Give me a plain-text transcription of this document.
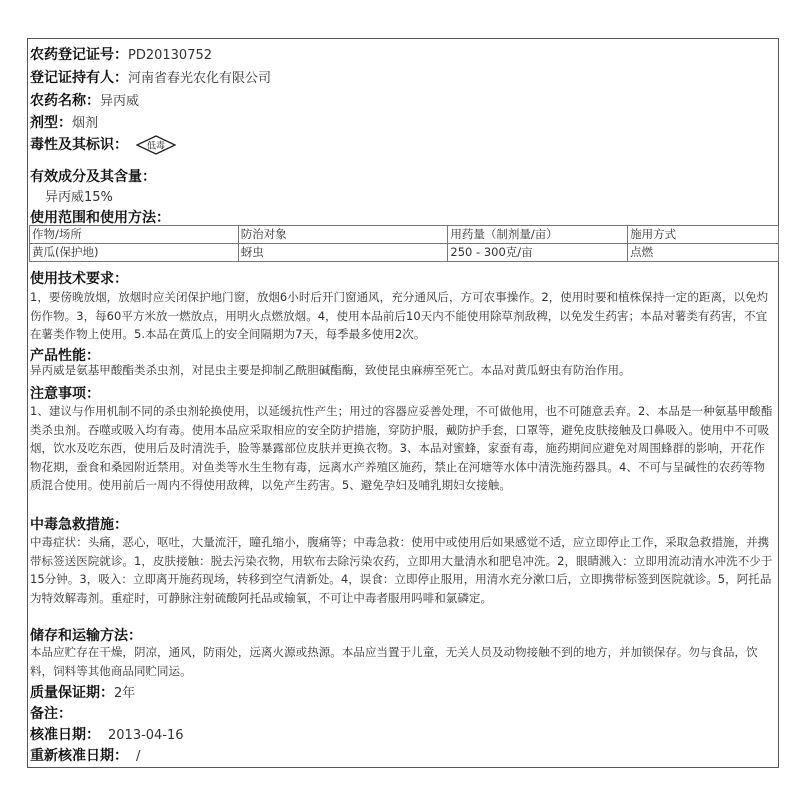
农药登记证号：PD20130752
登记证持有人：河南省春光农化有限公司
农药名称：异丙威
剂型：烟剂
毒性及其标识： 低毒
有效成分及其含量：
异丙威15%
使用范围和使用方法：
作物/场所	防治对象	用药量（制剂量/亩）	施用方式
黄瓜(保护地)	蚜虫	250 - 300克/亩	点燃
使用技术要求：

1，要傍晚放烟，放烟时应关闭保护地门窗，放烟6小时后开门窗通风，充分通风后，方可农事操作。2，使用时要和植株保持一定的距离，以免灼伤作物。3，每60平方米放一燃放点，用明火点燃放烟。4，使用本品前后10天内不能使用除草剂敌稗，以免发生药害；本品对薯类有药害，不宜在薯类作物上使用。5.本品在黄瓜上的安全间隔期为7天，每季最多使用2次。

产品性能：

异丙威是氨基甲酸酯类杀虫剂，对昆虫主要是抑制乙酰胆碱酯酶，致使昆虫麻痹至死亡。本品对黄瓜蚜虫有防治作用。

注意事项：

1、建议与作用机制不同的杀虫剂轮换使用，以延缓抗性产生；用过的容器应妥善处理，不可做他用，也不可随意丢弃。2、本品是一种氨基甲酸酯类杀虫剂。吞噬或吸入均有毒。使用本品应采取相应的安全防护措施，穿防护服，戴防护手套，口罩等，避免皮肤接触及口鼻吸入。使用中不可吸烟，饮水及吃东西，使用后及时清洗手，脸等暴露部位皮肤并更换衣物。3、本品对蜜蜂，家蚕有毒，施药期间应避免对周围蜂群的影响，开花作物花期，蚕食和桑园附近禁用。对鱼类等水生生物有毒，远离水产养殖区施药，禁止在河塘等水体中清洗施药器具。4、不可与呈碱性的农药等物质混合使用。使用前后一周内不得使用敌稗，以免产生药害。5、避免孕妇及哺乳期妇女接触。

中毒急救措施：

中毒症状：头痛，恶心，呕吐，大量流汗，瞳孔缩小，腹痛等；中毒急救：使用中或使用后如果感觉不适，应立即停止工作，采取急救措施，并携带标签送医院就诊。1，皮肤接触：脱去污染衣物，用软布去除污染农药，立即用大量清水和肥皂冲洗。2，眼睛溅入：立即用流动清水冲洗不少于15分钟。3，吸入：立即离开施药现场，转移到空气清新处。4，误食：立即停止服用，用清水充分漱口后，立即携带标签到医院就诊。5，阿托品为特效解毒剂。重症时，可静脉注射硫酸阿托品或输氧，不可让中毒者服用吗啡和氯磷定。

储存和运输方法：

本品应贮存在干燥，阴凉，通风，防雨处，远离火源或热源。本品应当置于儿童，无关人员及动物接触不到的地方，并加锁保存。勿与食品，饮料，饲料等其他商品同贮同运。

质量保证期：2年
备注：
核准日期： 2013-04-16
重新核准日期： /
